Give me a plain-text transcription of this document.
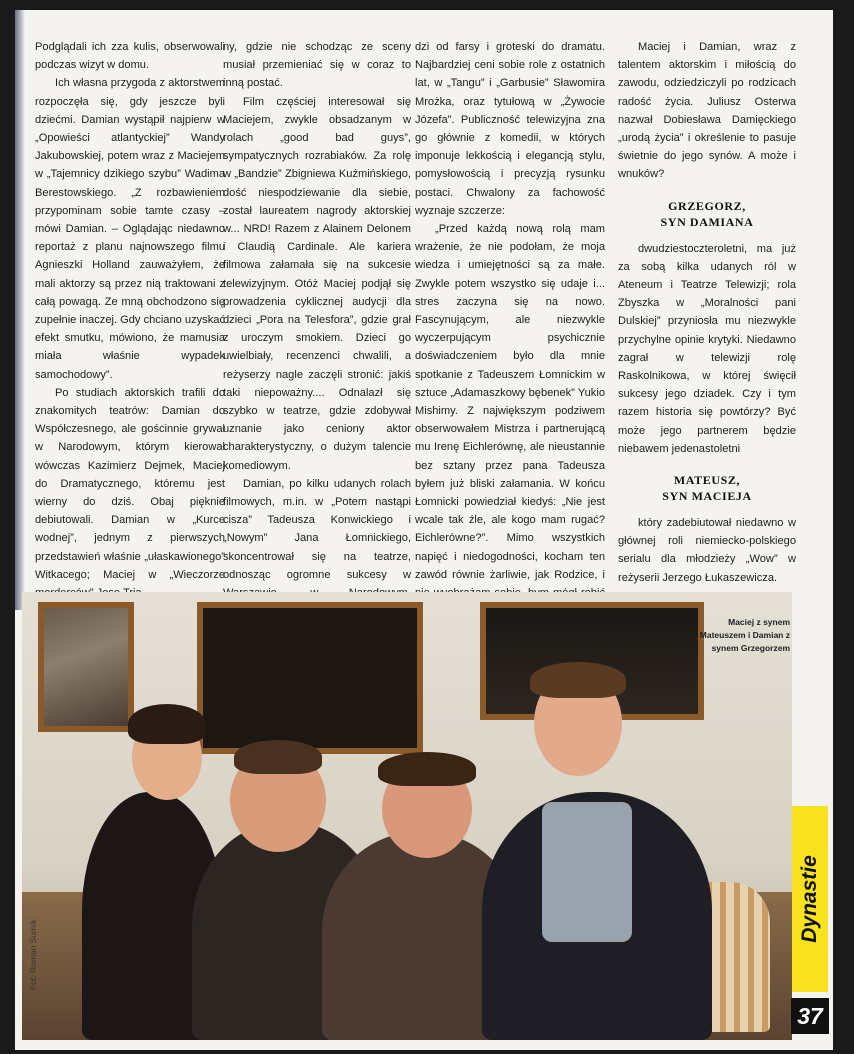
Podglądali ich zza kulis, obserwowali podczas wizyt w domu.

Ich własna przygoda z aktorstwem rozpoczęła się, gdy jeszcze byli dziećmi. Damian wystąpił najpierw w „Opowieści atlantyckiej” Wandy Jakubowskiej, potem wraz z Maciejem w „Tajemnicy dzikiego szybu” Wadima Berestowskiego. „Z rozbawieniem przypominam sobie tamte czasy – mówi Damian. – Oglądając niedawno reportaż z planu najnowszego filmu Agnieszki Holland zauważyłem, że mali aktorzy są przez nią traktowani z całą powagą. Ze mną obchodzono się zupełnie inaczej. Gdy chciano uzyskać efekt smutku, mówiono, że mamusia miała właśnie wypadek samochodowy”.

Po studiach aktorskich trafili do znakomitych teatrów: Damian do Współczesnego, ale gościnnie grywał w Narodowym, którym kierował wówczas Kazimierz Dejmek, Maciej do Dramatycznego, któremu jest wierny do dziś. Obaj pięknie debiutowali. Damian w „Kurce wodnej”, jednym z pierwszych przedstawień właśnie „ułaskawionego” Witkacego; Maciej w „Wieczorze

ny, gdzie nie schodząc ze sceny musiał przemieniać się w coraz to inną postać.

Film częściej interesował się Maciejem, zwykle obsadzanym w rolach „good bad guys”, sympatycznych rozrabiaków. Za rolę w „Bandzie” Zbigniewa Kuźmińskiego, dość niespodziewanie dla siebie, został laureatem nagrody aktorskiej w... NRD! Razem z Alainem Delonem i Claudią Cardinale. Ale kariera filmowa załamała się na sukcesie telewizyjnym. Otóż Maciej podjął się prowadzenia cyklicznej audycji dla dzieci „Pora na Telesfora”, gdzie grał z uroczym smokiem. Dzieci go uwielbiały, recenzenci chwalili, a reżyserzy nagle zaczęli stronić: jakiś taki niepoważny.... Odnalazł się szybko w teatrze, gdzie zdobywał uznanie jako ceniony aktor charakterystyczny, o dużym talencie komediowym.

Damian, po kilku udanych rolach filmowych, m.in. w „Potem nastąpi cisza” Tadeusza Konwickiego i „Nowym” Jana Łomnickiego, skoncentrował się na teatrze, odnosząc ogromne sukcesy w

dzi od farsy i groteski do dramatu. Najbardziej ceni sobie role z ostatnich lat, w „Tangu” i „Garbusie” Sławomira Mrożka, oraz tytułową w „Żywocie Józefa”. Publiczność telewizyjna zna go głównie z komedii, w których imponuje lekkością i elegancją stylu, pomysłowością i precyzją rysunku postaci. Chwalony za fachowość wyznaje szczerze:

„Przed każdą nową rolą mam wrażenie, że nie podołam, że moja wiedza i umiejętności są za małe. Zwykle potem wszystko się udaje i... stres zaczyna się na nowo. Fascynującym, ale niezwykle wyczerpującym psychicznie doświadczeniem było dla mnie spotkanie z Tadeuszem Łomnickim w sztuce „Adamaszkowy bębenek” Yukio Mishimy. Z największym podziwem obserwowałem Mistrza i partnerującą mu Irenę Eichlerównę, ale nieustannie bez sztany przez pana Tadeusza byłem już bliski załamania. W końcu Łomnicki powiedział kiedyś: „Nie jest wcale tak źle, ale kogo mam rugać? Eichlerówne?”. Mimo wszystkich napięć i niedogodności, kocham ten zawód równie żarliwie, jak Rodzice, i

Maciej i Damian, wraz z talentem aktorskim i miłością do zawodu, odziedziczyli po rodzicach radość życia. Juliusz Osterwa nazwał Dobiesława Damięckiego „urodą życia” i określenie to pasuje świetnie do jego synów. A może i wnuków?

GRZEGORZ,
SYN DAMIANA

dwudziestoczteroletni, ma już za sobą kilka udanych ról w Ateneum i Teatrze Telewizji; rola Zbyszka w „Moralności pani Dulskiej” przyniosła mu niezwykle przychylne opinie krytyki. Niedawno zagrał w telewizji rolę Raskolnikowa, w której święcił sukcesy jego dziadek. Czy i tym razem historia się powtórzy? Być może jego partnerem będzie niebawem jedenastoletni

MATEUSZ,
SYN MACIEJA

który zadebiutował niedawno w głównej roli niemiecko-polskiego serialu dla młodzieży „Wow” w reżyserii Jerzego Łukaszewicza.

Maciej z synem Mateuszem i Damian z synem Grzegorzem
Fot. Roman Sumik
Dynastie
37
